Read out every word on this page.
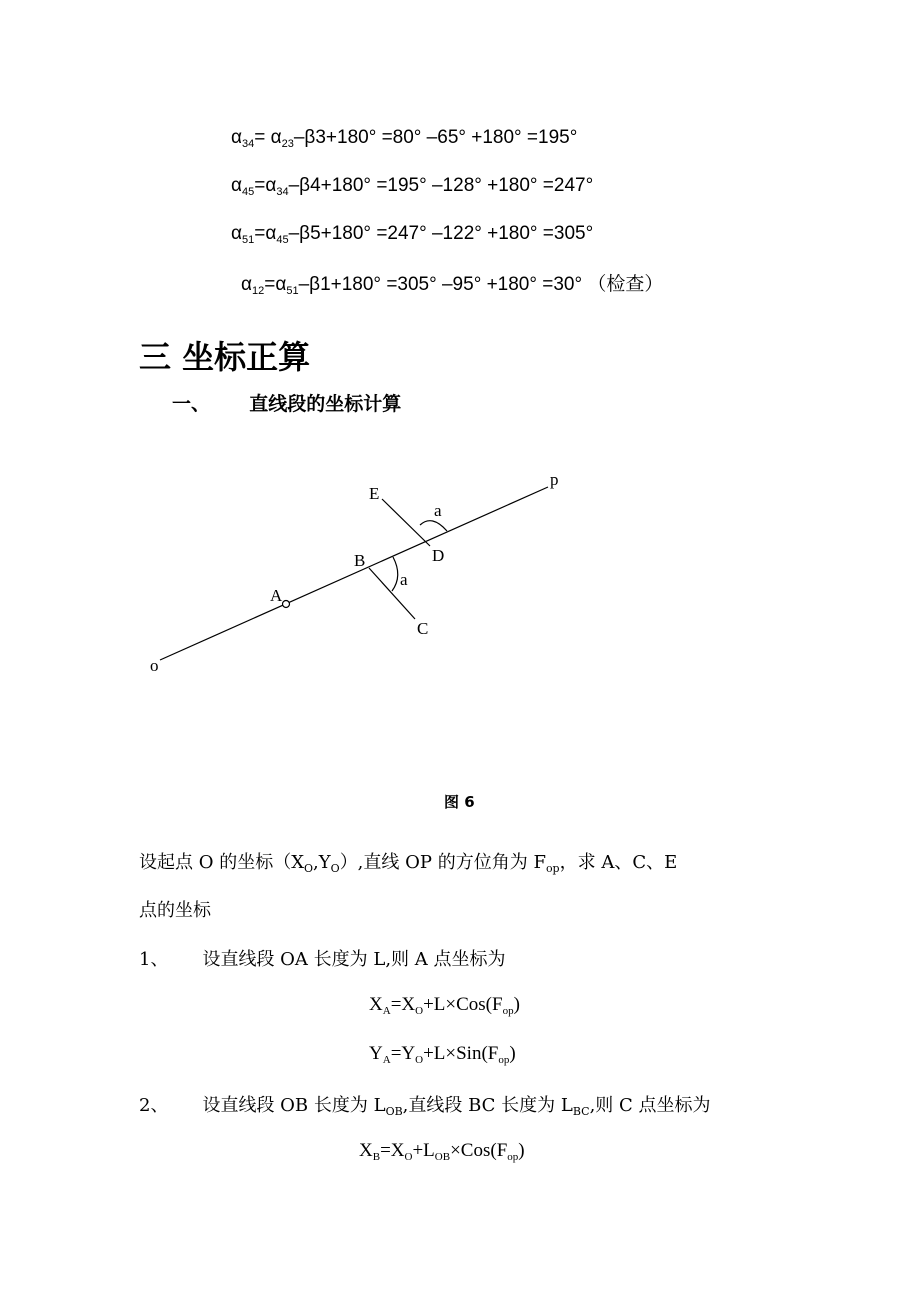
$\alpha_{34}= \alpha_{23}-\beta 3+180^\circ =80^\circ$ –65° +180° =195°
$\alpha_{45}=\alpha_{34}-\beta 4+180^\circ =195^\circ$ –128° +180° =247°
$\alpha_{51}=\alpha_{45}-\beta 5+180^\circ =247^\circ$ –122° +180° =305°
$\alpha_{12}=\alpha_{51}-\beta 1+180^\circ =305^\circ$ –95° +180° =30° （检查）
三 坐标正算
一、 直线段的坐标计算
o
A
B
C
D
E
p
a
a
图 6
设起点 O 的坐标$(X_O,Y_O)$,直线 OP 的方位角为 $F_{op}$，求 A、C、E
点的坐标
1、 设直线段 OA 长度为 L,则 A 点坐标为
$X_A=X_O+L\times Cos(F_{op})$
$Y_A=Y_O+L\times Sin(F_{op})$
2、 设直线段 OB 长度为 $L_{OB}$,直线段 BC 长度为 $L_{BC}$,则 C 点坐标为
$X_B=X_O+L_{OB}\times Cos(F_{op})$
